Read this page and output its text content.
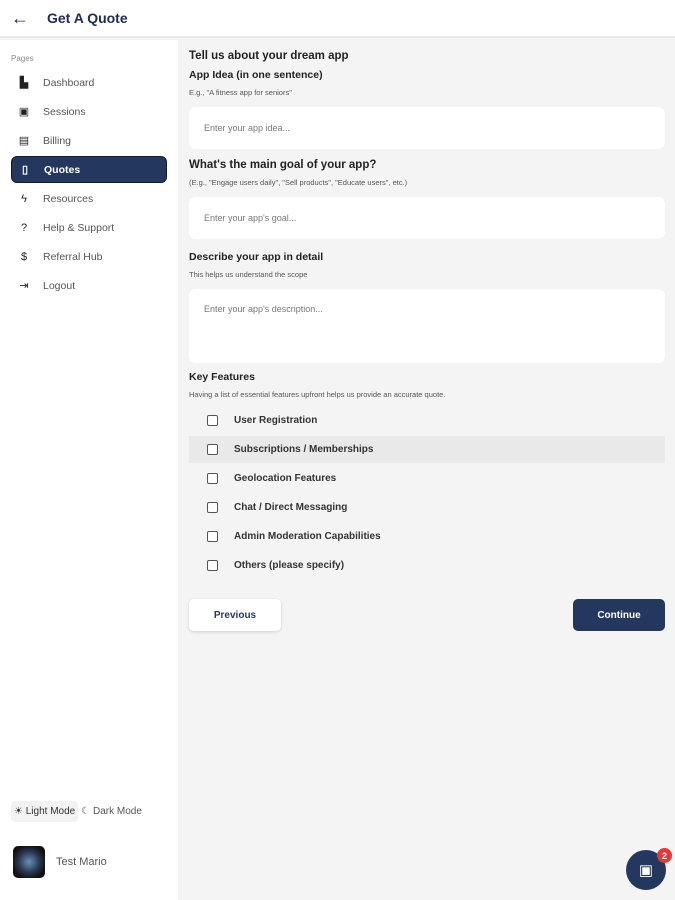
← Get A Quote
Pages
▙ Dashboard
▣ Sessions
▤ Billing
▯	Quotes
ϟ	Resources
?	Help & Support
$	Referral Hub
⇥ Logout
☀ Light Mode ☾ Dark Mode
Test Mario
Tell us about your dream app
App Idea (in one sentence)
E.g., "A fitness app for seniors"
Enter your app idea...
What's the main goal of your app?
(E.g., "Engage users daily", "Sell products", "Educate users", etc.)
Enter your app's goal...
Describe your app in detail
This helps us understand the scope
Enter your app's description...
Key Features
Having a list of essential features upfront helps us provide an accurate quote.
User Registration
Subscriptions / Memberships
Geolocation Features
Chat / Direct Messaging
Admin Moderation Capabilities
Others (please specify)
Previous	Continue
▣
2
